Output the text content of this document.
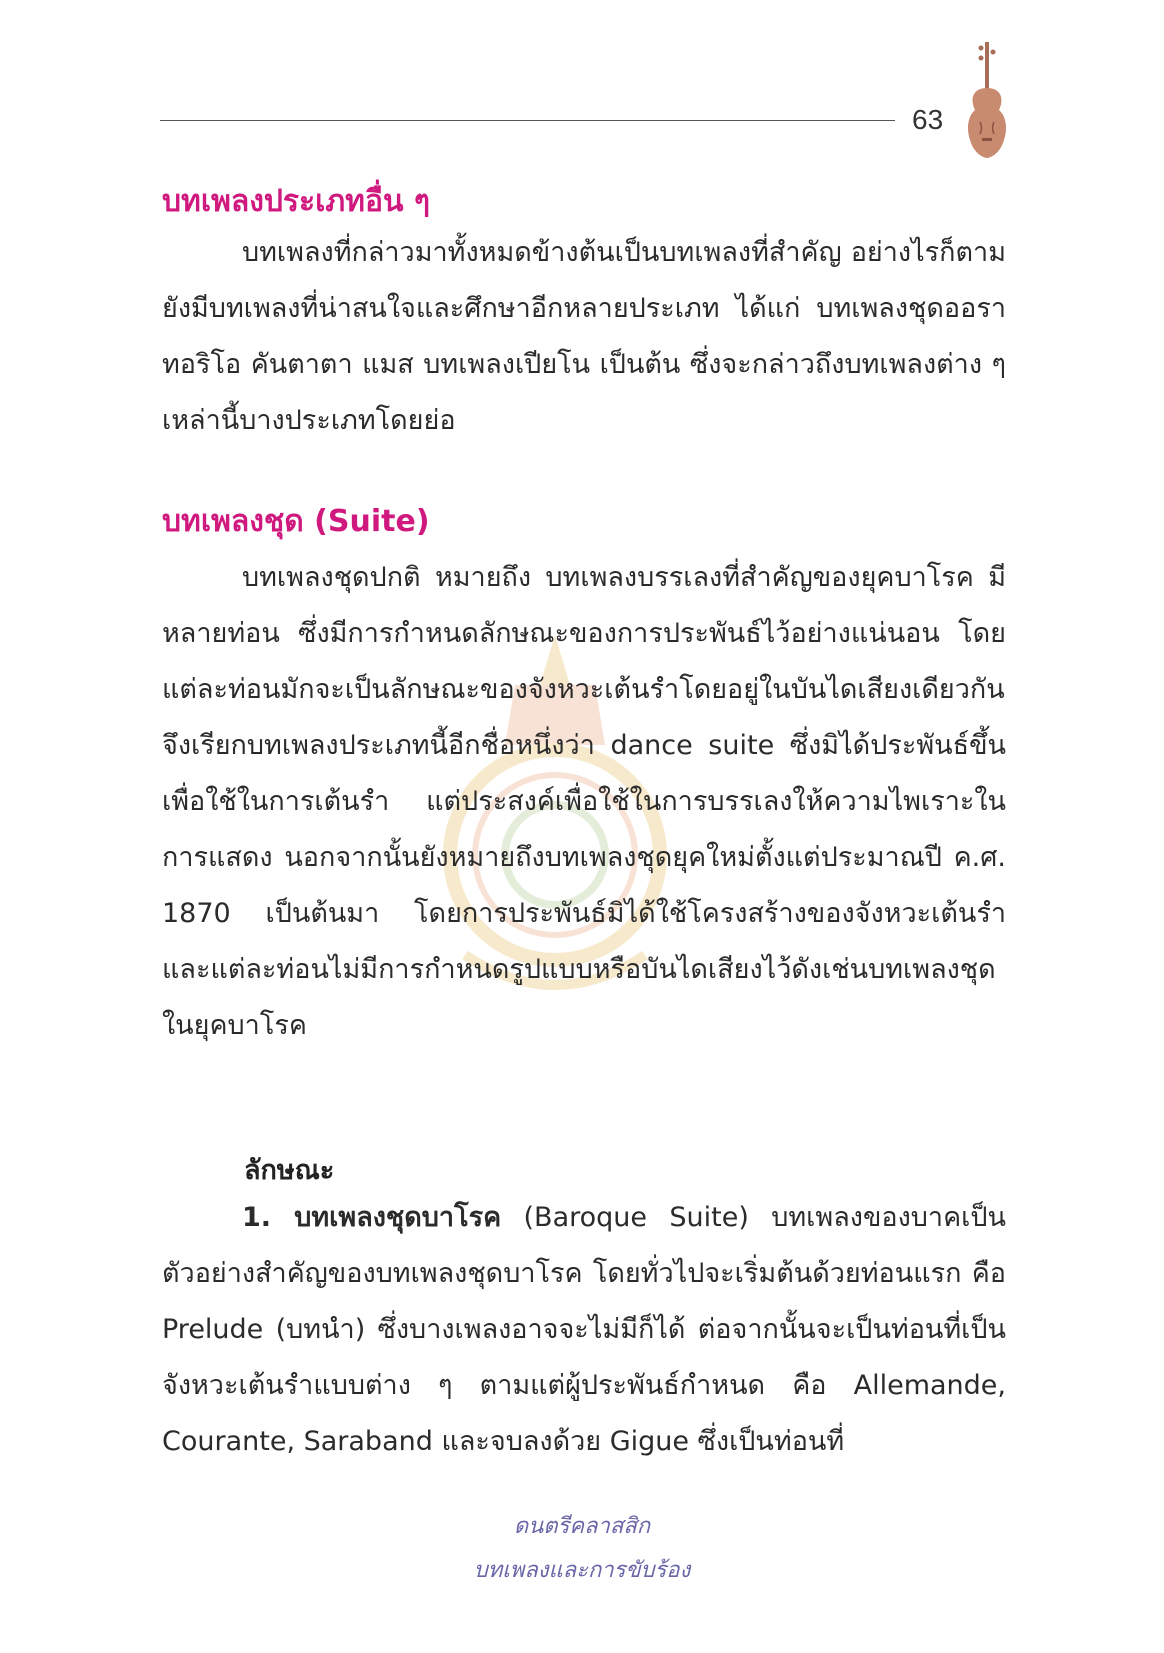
63
บทเพลงประเภทอื่น ๆ

บทเพลงที่กล่าวมาทั้งหมดข้างต้นเป็นบทเพลงที่สำคัญ อย่างไรก็ตามยังมีบทเพลงที่น่าสนใจและศึกษาอีกหลายประเภท ได้แก่ บทเพลงชุดออราทอริโอ คันตาตา แมส บทเพลงเปียโน เป็นต้น ซึ่งจะกล่าวถึงบทเพลงต่าง ๆ เหล่านี้บางประเภทโดยย่อ

บทเพลงชุด (Suite)

บทเพลงชุดปกติ หมายถึง บทเพลงบรรเลงที่สำคัญของยุคบาโรค มีหลายท่อน ซึ่งมีการกำหนดลักษณะของการประพันธ์ไว้อย่างแน่นอน โดยแต่ละท่อนมักจะเป็นลักษณะของจังหวะเต้นรำโดยอยู่ในบันไดเสียงเดียวกัน จึงเรียกบทเพลงประเภทนี้อีกชื่อหนึ่งว่า dance suite ซึ่งมิได้ประพันธ์ขึ้นเพื่อใช้ในการเต้นรำ แต่ประสงค์เพื่อใช้ในการบรรเลงให้ความไพเราะในการแสดง นอกจากนั้นยังหมายถึงบทเพลงชุดยุคใหม่ตั้งแต่ประมาณปี ค.ศ. 1870 เป็นต้นมา โดยการประพันธ์มิได้ใช้โครงสร้างของจังหวะเต้นรำ และแต่ละท่อนไม่มีการกำหนดรูปแบบหรือบันไดเสียงไว้ดังเช่นบทเพลงชุดในยุคบาโรค

ลักษณะ

1. บทเพลงชุดบาโรค (Baroque Suite) บทเพลงของบาคเป็นตัวอย่างสำคัญของบทเพลงชุดบาโรค โดยทั่วไปจะเริ่มต้นด้วยท่อนแรก คือ Prelude (บทนำ) ซึ่งบางเพลงอาจจะไม่มีก็ได้ ต่อจากนั้นจะเป็นท่อนที่เป็นจังหวะเต้นรำแบบต่าง ๆ ตามแต่ผู้ประพันธ์กำหนด คือ Allemande, Courante, Saraband และจบลงด้วย Gigue ซึ่งเป็นท่อนที่

ดนตรีคลาสสิก
บทเพลงและการขับร้อง
